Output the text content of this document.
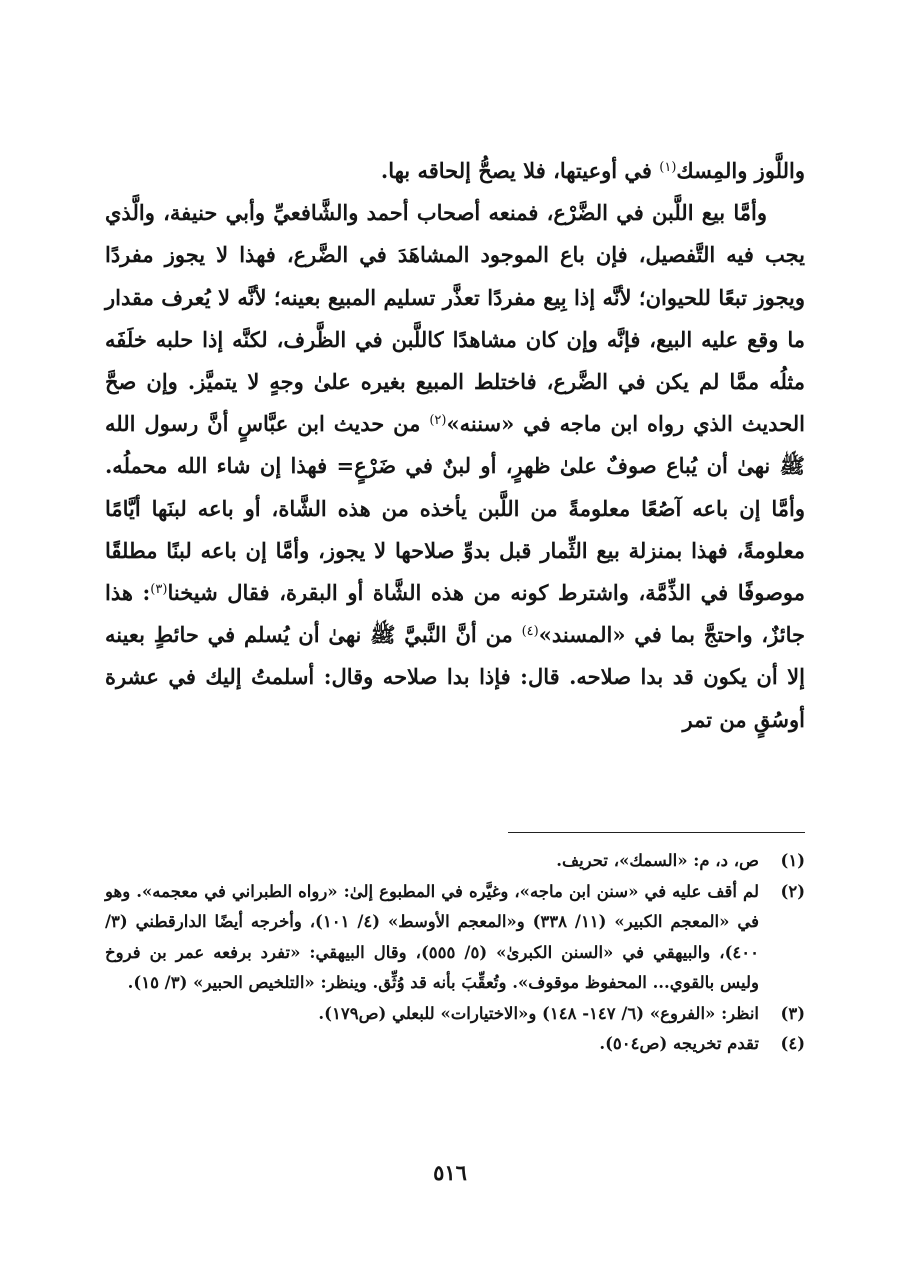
واللَّوز والمِسك$^{(١)}$ في أوعيتها، فلا يصحُّ إلحاقه بها.

وأمَّا بيع اللَّبن في الضَّرْع، فمنعه أصحاب أحمد والشَّافعيِّ وأبي حنيفة، والَّذي يجب فيه التَّفصيل، فإن باع الموجود المشاهَدَ في الضَّرع، فهذا لا يجوز مفردًا ويجوز تبعًا للحيوان؛ لأنَّه إذا بِيع مفردًا تعذَّر تسليم المبيع بعينه؛ لأنَّه لا يُعرف مقدار ما وقع عليه البيع، فإنَّه وإن كان مشاهدًا كاللَّبن في الظَّرف، لكنَّه إذا حلبه خلَفَه مثلُه ممَّا لم يكن في الضَّرع، فاختلط المبيع بغيره علىٰ وجهٍ لا يتميَّز. وإن صحَّ الحديث الذي رواه ابن ماجه في «سننه»$^{(٢)}$ من حديث ابن عبَّاسٍ أنَّ رسول الله ﷺ نهىٰ أن يُباع صوفٌ علىٰ ظهرٍ، أو لبنٌ في ضَرْعٍ= فهذا إن شاء الله محملُه. وأمَّا إن باعه آصُعًا معلومةً من اللَّبن يأخذه من هذه الشَّاة، أو باعه لبنَها أيَّامًا معلومةً، فهذا بمنزلة بيع الثِّمار قبل بدوِّ صلاحها لا يجوز، وأمَّا إن باعه لبنًا مطلقًا موصوفًا في الذِّمَّة، واشترط كونه من هذه الشَّاة أو البقرة، فقال شيخنا$^{(٣)}$: هذا جائزٌ، واحتجَّ بما في «المسند»$^{(٤)}$ من أنَّ النَّبيَّ ﷺ نهىٰ أن يُسلم في حائطٍ بعينه إلا أن يكون قد بدا صلاحه. قال: فإذا بدا صلاحه وقال: أسلمتُ إليك في عشرة أوسُقٍ من تمر

(١)
ص، د، م: «السمك»، تحريف.
(٢)
لم أقف عليه في «سنن ابن ماجه»، وغيَّره في المطبوع إلىٰ: «رواه الطبراني في معجمه». وهو في «المعجم الكبير» (١١/ ٣٣٨) و«المعجم الأوسط» (٤/ ١٠١)، وأخرجه أيضًا الدارقطني (٣/ ٤٠٠)، والبيهقي في «السنن الكبرىٰ» (٥/ ٥٥٥)، وقال البيهقي: «تفرد برفعه عمر بن فروخ وليس بالقوي... المحفوظ موقوف». وتُعقِّبَ بأنه قد وُثِّق. وينظر: «التلخيص الحبير» (٣/ ١٥).
(٣)
انظر: «الفروع» (٦/ ١٤٧- ١٤٨) و«الاختيارات» للبعلي (ص١٧٩).
(٤)
تقدم تخريجه (ص٥٠٤).
٥١٦
